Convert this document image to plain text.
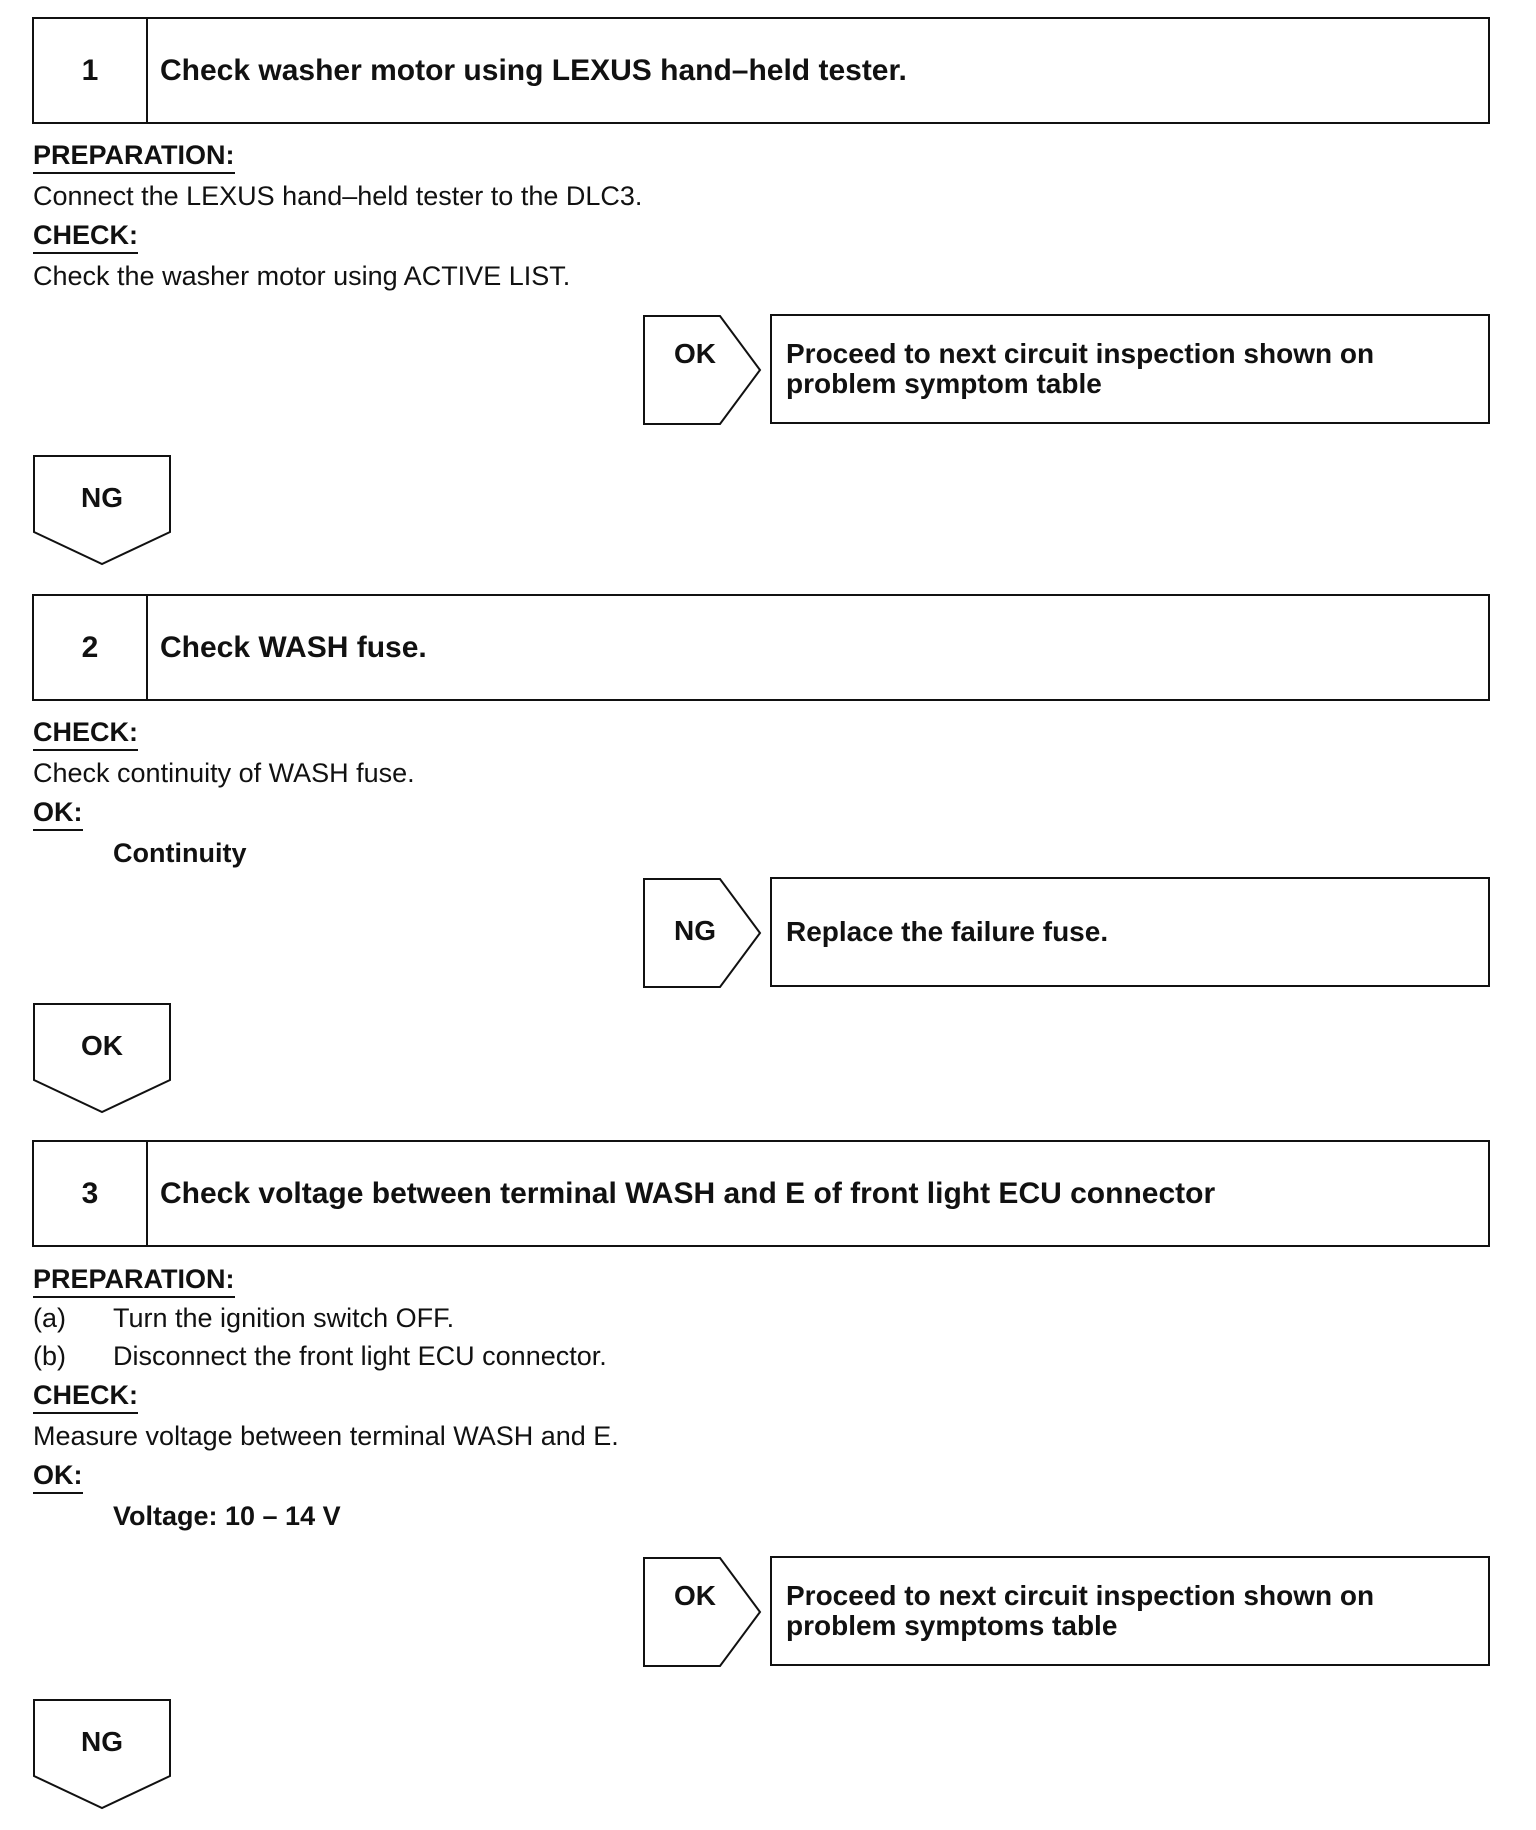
1	Check washer motor using LEXUS hand–held tester.
PREPARATION:
Connect the LEXUS hand–held tester to the DLC3.
CHECK:
Check the washer motor using ACTIVE LIST.
OK	Proceed to next circuit inspection shown on problem symptom table
NG
2	Check WASH fuse.
CHECK:
Check continuity of WASH fuse.
OK:
Continuity
NG	Replace the failure fuse.
OK
3	Check voltage between terminal WASH and E of front light ECU connector
PREPARATION:
(a) Turn the ignition switch OFF.
(b) Disconnect the front light ECU connector.
CHECK:
Measure voltage between terminal WASH and E.
OK:
Voltage: 10 – 14 V
OK	Proceed to next circuit inspection shown on problem symptoms table
NG
